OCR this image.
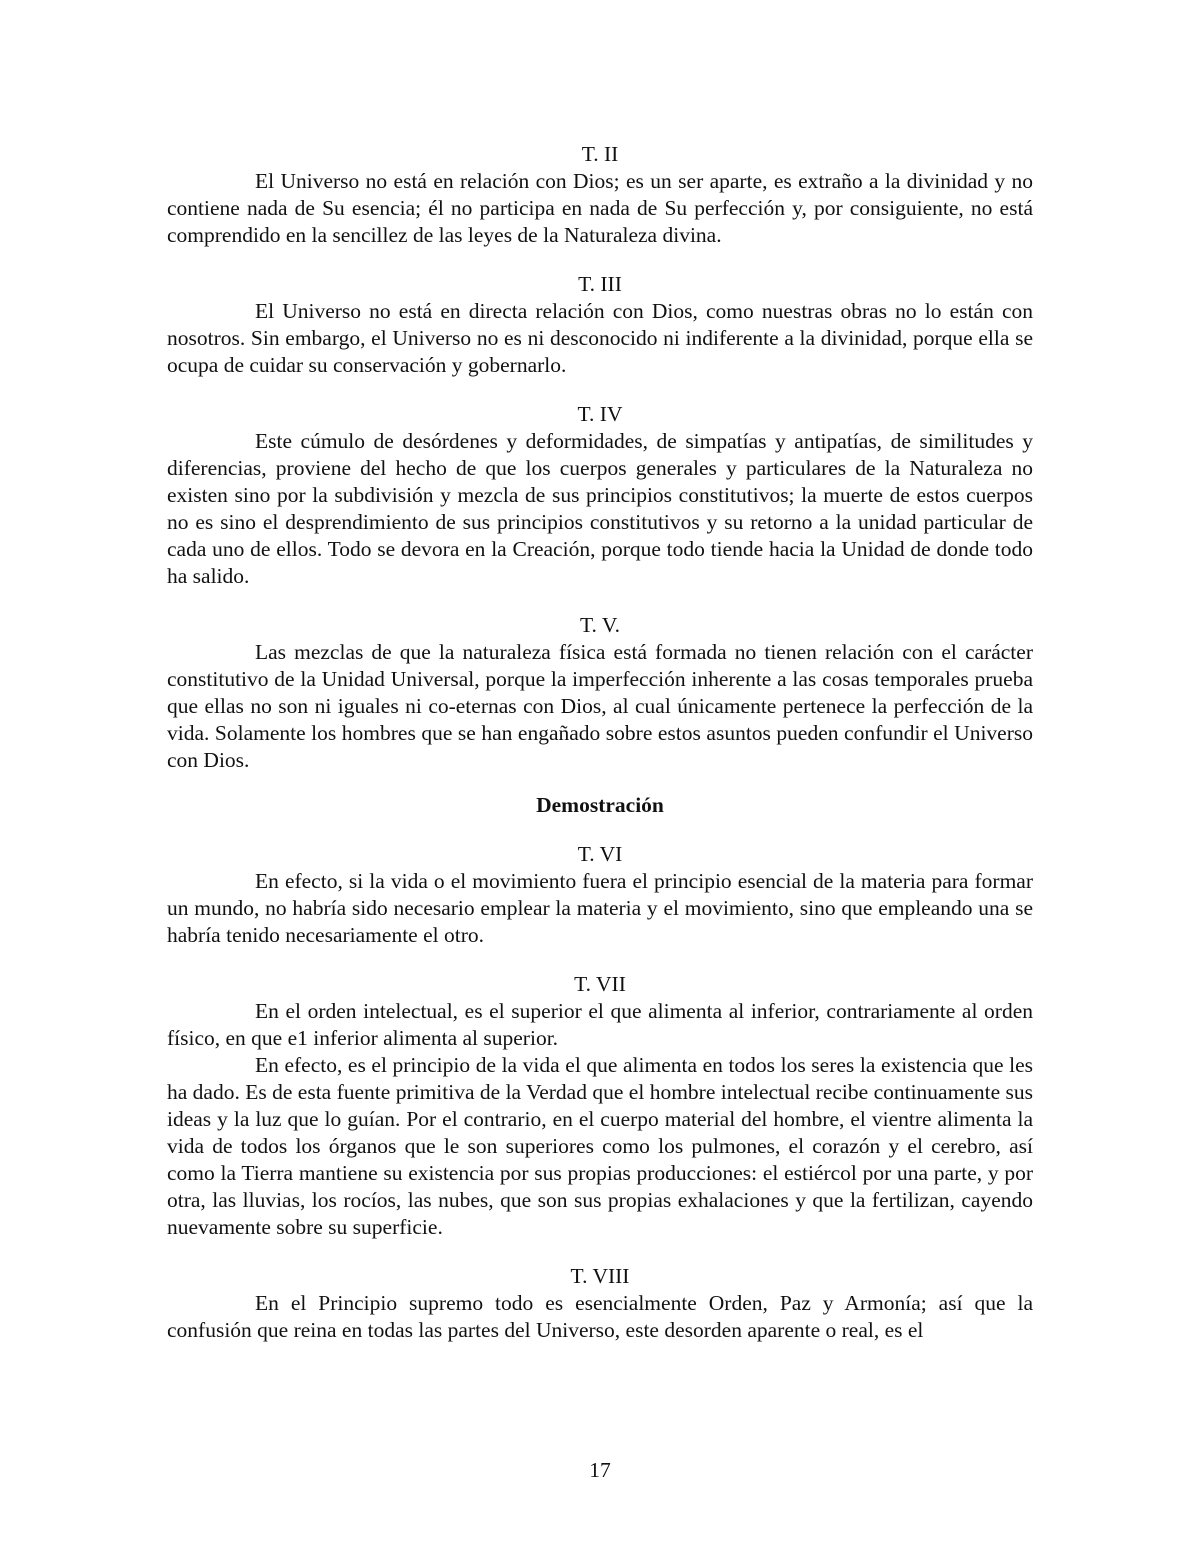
T. II

El Universo no está en relación con Dios; es un ser aparte, es extraño a la divinidad y no contiene nada de Su esencia; él no participa en nada de Su perfección y, por consiguiente, no está comprendido en la sencillez de las leyes de la Naturaleza divina.

T. III

El Universo no está en directa relación con Dios, como nuestras obras no lo están con nosotros. Sin embargo, el Universo no es ni desconocido ni indiferente a la divinidad, porque ella se ocupa de cuidar su conservación y gobernarlo.

T. IV

Este cúmulo de desórdenes y deformidades, de simpatías y antipatías, de similitudes y diferencias, proviene del hecho de que los cuerpos generales y particulares de la Naturaleza no existen sino por la subdivisión y mezcla de sus principios constitutivos; la muerte de estos cuerpos no es sino el desprendimiento de sus principios constitutivos y su retorno a la unidad particular de cada uno de ellos. Todo se devora en la Creación, porque todo tiende hacia la Unidad de donde todo ha salido.

T. V.

Las mezclas de que la naturaleza física está formada no tienen relación con el carácter constitutivo de la Unidad Universal, porque la imperfección inherente a las cosas temporales prueba que ellas no son ni iguales ni co-eternas con Dios, al cual únicamente pertenece la perfección de la vida. Solamente los hombres que se han engañado sobre estos asuntos pueden confundir el Universo con Dios.

Demostración

T. VI

En efecto, si la vida o el movimiento fuera el principio esencial de la materia para formar un mundo, no habría sido necesario emplear la materia y el movimiento, sino que empleando una se habría tenido necesariamente el otro.

T. VII

En el orden intelectual, es el superior el que alimenta al inferior, contrariamente al orden físico, en que e1 inferior alimenta al superior.

En efecto, es el principio de la vida el que alimenta en todos los seres la existencia que les ha dado. Es de esta fuente primitiva de la Verdad que el hombre intelectual recibe continuamente sus ideas y la luz que lo guían. Por el contrario, en el cuerpo material del hombre, el vientre alimenta la vida de todos los órganos que le son superiores como los pulmones, el corazón y el cerebro, así como la Tierra mantiene su existencia por sus propias producciones: el estiércol por una parte, y por otra, las lluvias, los rocíos, las nubes, que son sus propias exhalaciones y que la fertilizan, cayendo nuevamente sobre su superficie.

T. VIII

En el Principio supremo todo es esencialmente Orden, Paz y Armonía; así que la confusión que reina en todas las partes del Universo, este desorden aparente o real, es el

17
